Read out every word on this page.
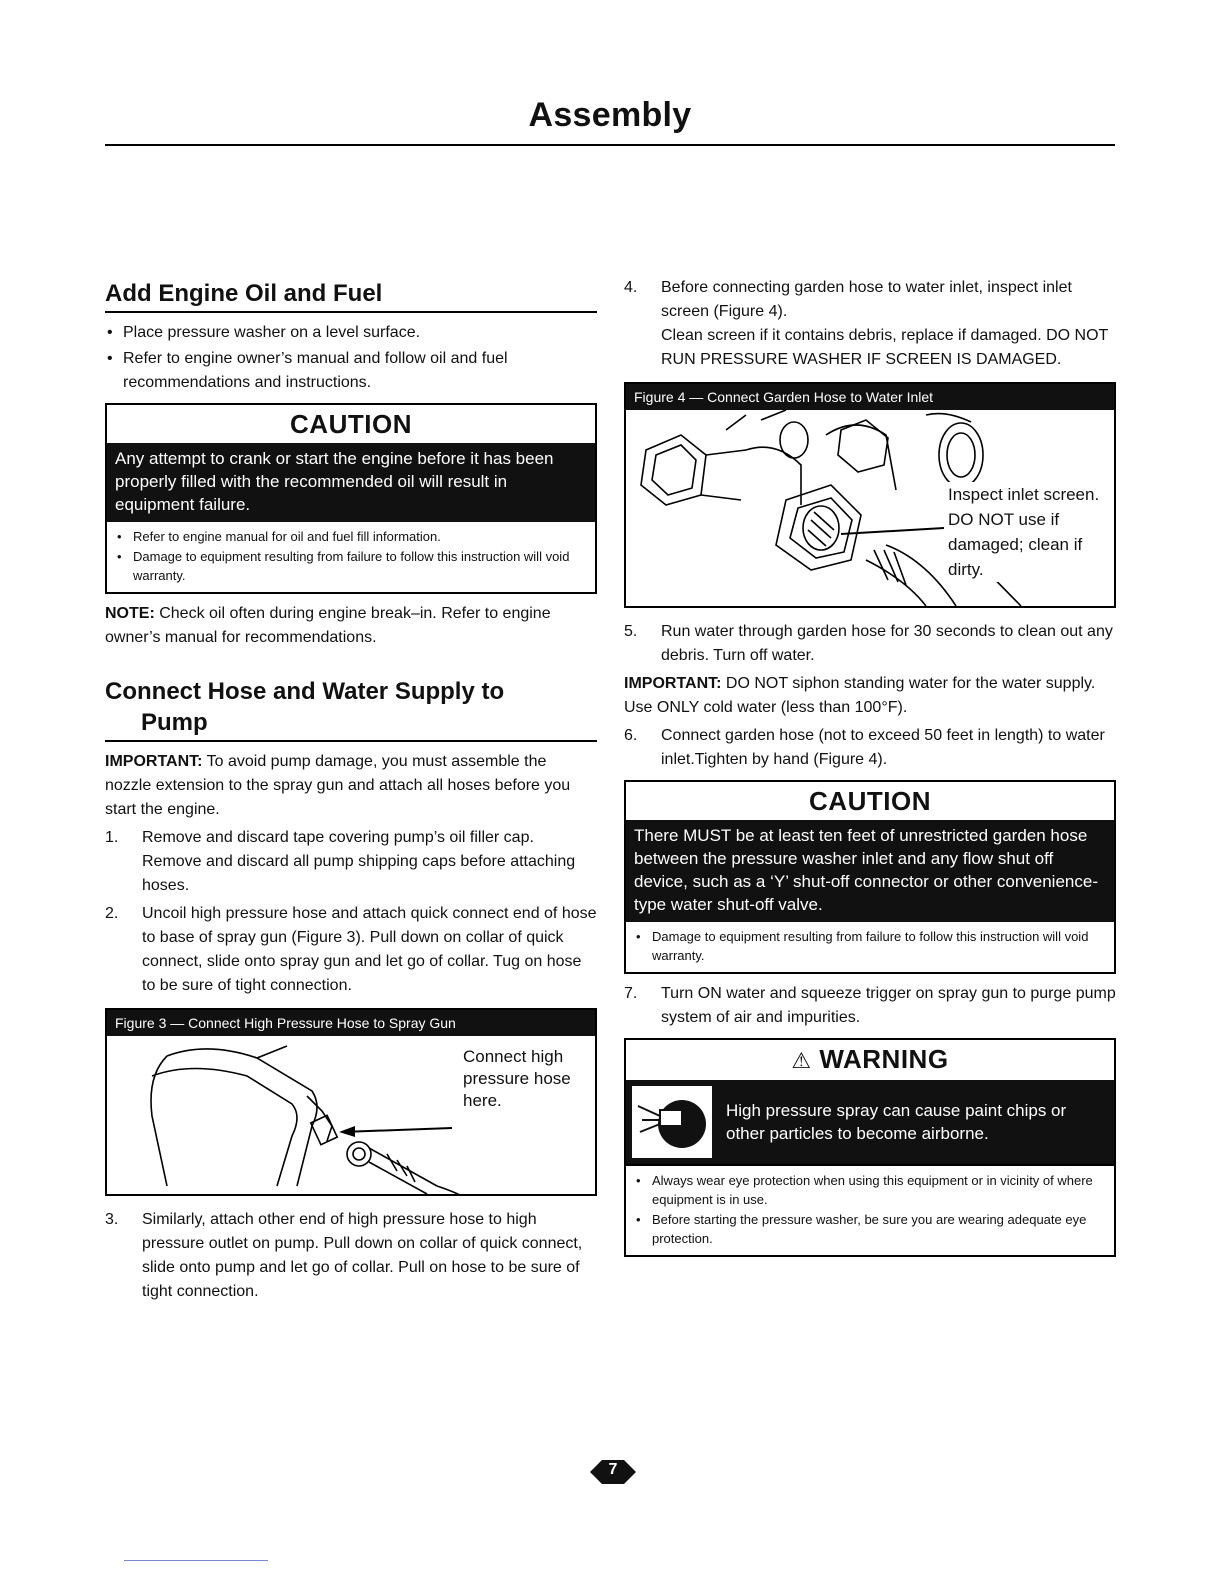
Assembly
Add Engine Oil and Fuel
• Place pressure washer on a level surface.
• Refer to engine owner’s manual and follow oil and fuel recommendations and instructions.
CAUTION
Any attempt to crank or start the engine before it has been properly filled with the recommended oil will result in equipment failure.
• Refer to engine manual for oil and fuel fill information.
• Damage to equipment resulting from failure to follow this instruction will void warranty.

NOTE: Check oil often during engine break–in. Refer to engine owner’s manual for recommendations.

Connect Hose and Water Supply to
Pump

IMPORTANT: To avoid pump damage, you must assemble the nozzle extension to the spray gun and attach all hoses before you start the engine.

1. Remove and discard tape covering pump’s oil filler cap. Remove and discard all pump shipping caps before attaching hoses.
2. Uncoil high pressure hose and attach quick connect end of hose to base of spray gun (Figure 3). Pull down on collar of quick connect, slide onto spray gun and let go of collar. Tug on hose to be sure of tight connection.
Figure 3 — Connect High Pressure Hose to Spray Gun
Connect high pressure hose here.
3. Similarly, attach other end of high pressure hose to high pressure outlet on pump. Pull down on collar of quick connect, slide onto pump and let go of collar. Pull on hose to be sure of tight connection.
4. Before connecting garden hose to water inlet, inspect inlet screen (Figure 4).
Clean screen if it contains debris, replace if damaged. DO NOT RUN PRESSURE WASHER IF SCREEN IS DAMAGED.
Figure 4 — Connect Garden Hose to Water Inlet
Inspect inlet screen. DO NOT use if damaged; clean if dirty.
5. Run water through garden hose for 30 seconds to clean out any debris. Turn off water.

IMPORTANT: DO NOT siphon standing water for the water supply. Use ONLY cold water (less than 100°F).

6. Connect garden hose (not to exceed 50 feet in length) to water inlet.Tighten by hand (Figure 4).
CAUTION
There MUST be at least ten feet of unrestricted garden hose between the pressure washer inlet and any flow shut off device, such as a ‘Y’ shut-off connector or other convenience-type water shut-off valve.
• Damage to equipment resulting from failure to follow this instruction will void warranty.
7. Turn ON water and squeeze trigger on spray gun to purge pump system of air and impurities.
⚠ WARNING
High pressure spray can cause paint chips or other particles to become airborne.
• Always wear eye protection when using this equipment or in vicinity of where equipment is in use.
• Before starting the pressure washer, be sure you are wearing adequate eye protection.
7
